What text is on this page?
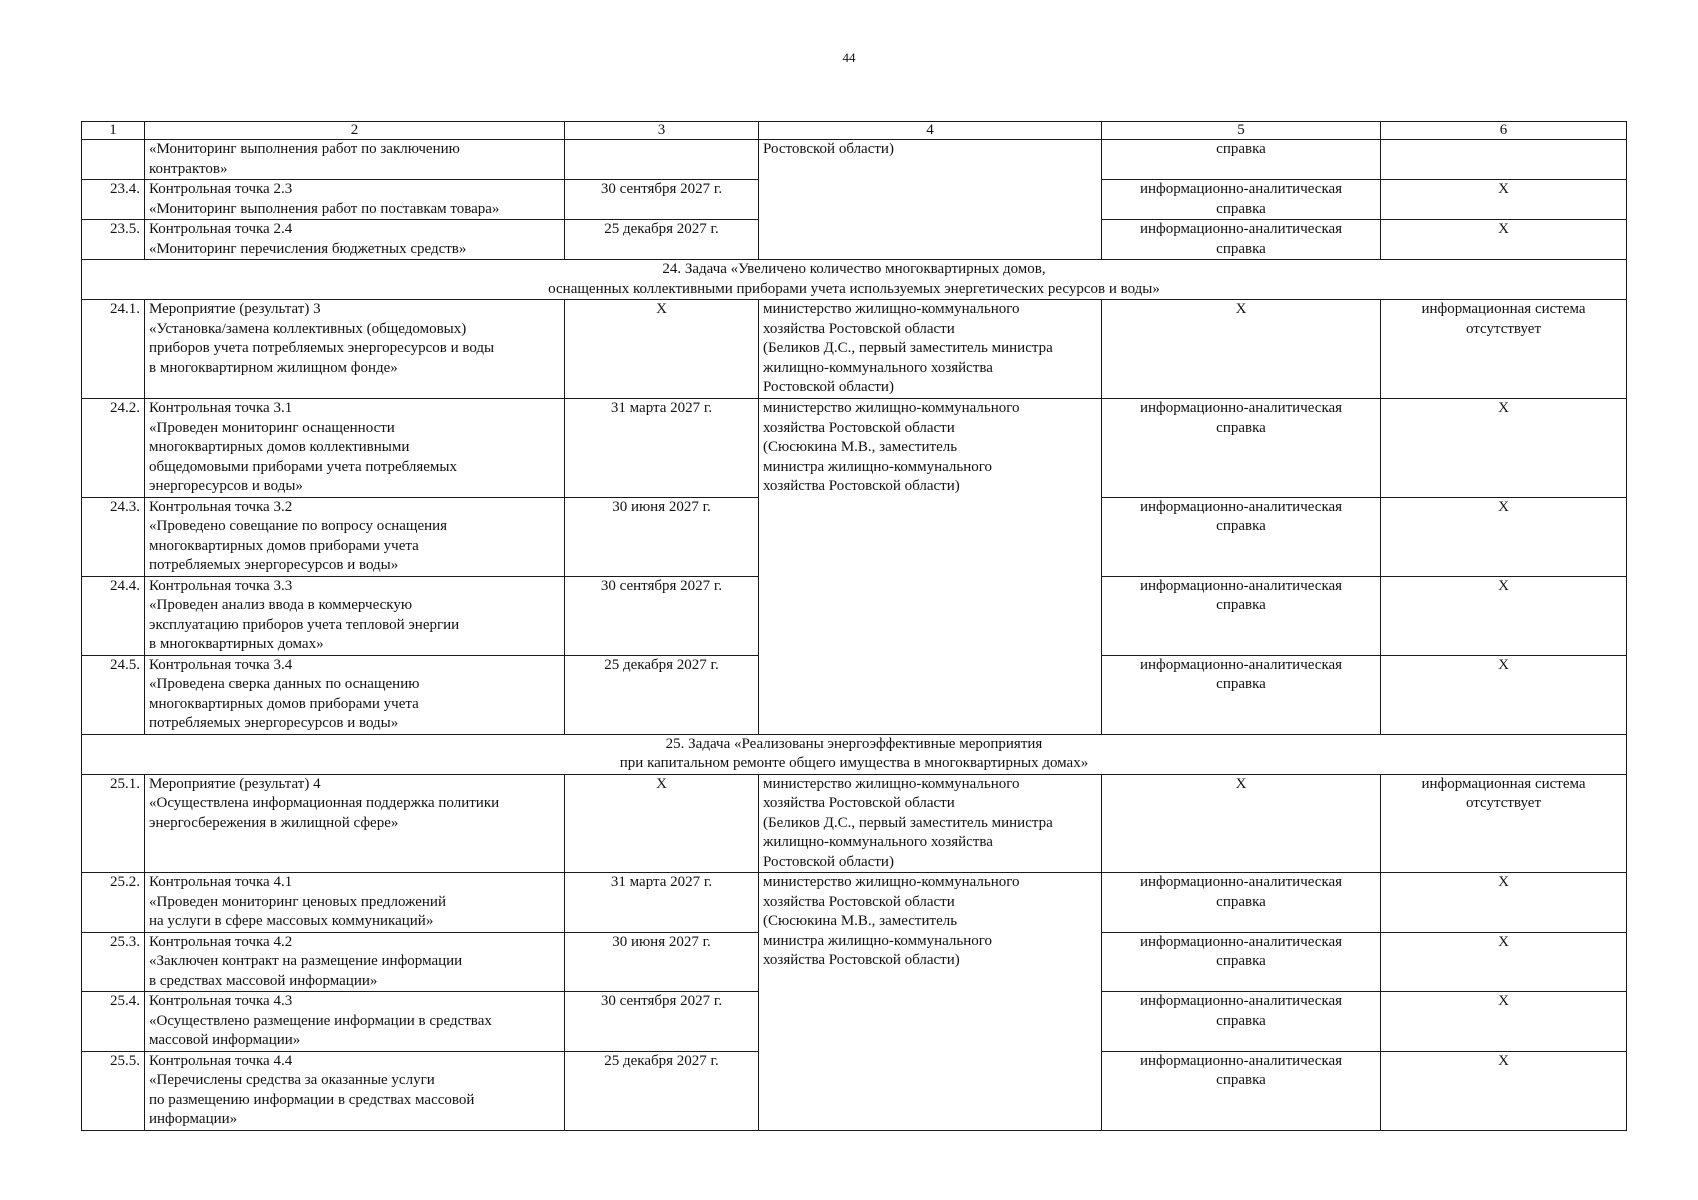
44
1	2	3	4	5	6
	«Мониторинг выполнения работ по заключению
контрактов»		Ростовской области)	справка	
23.4.	Контрольная точка 2.3
«Мониторинг выполнения работ по поставкам товара»	30 сентября 2027 г.		информационно-аналитическая
справка	Х
23.5.	Контрольная точка 2.4
«Мониторинг перечисления бюджетных средств»	25 декабря 2027 г.		информационно-аналитическая
справка	Х
24. Задача «Увеличено количество многоквартирных домов,
оснащенных коллективными приборами учета используемых энергетических ресурсов и воды»					
24.1.	Мероприятие (результат) 3
«Установка/замена коллективных (общедомовых)
приборов учета потребляемых энергоресурсов и воды
в многоквартирном жилищном фонде»	Х	министерство жилищно-коммунального
хозяйства Ростовской области
(Беликов Д.С., первый заместитель министра
жилищно-коммунального хозяйства
Ростовской области)	Х	информационная система
отсутствует
24.2.	Контрольная точка 3.1
«Проведен мониторинг оснащенности
многоквартирных домов коллективными
общедомовыми приборами учета потребляемых
энергоресурсов и воды»	31 марта 2027 г.	министерство жилищно-коммунального
хозяйства Ростовской области
(Сюсюкина М.В., заместитель
министра жилищно-коммунального
хозяйства Ростовской области)	информационно-аналитическая
справка	Х
24.3.	Контрольная точка 3.2
«Проведено совещание по вопросу оснащения
многоквартирных домов приборами учета
потребляемых энергоресурсов и воды»	30 июня 2027 г.		информационно-аналитическая
справка	Х
24.4.	Контрольная точка 3.3
«Проведен анализ ввода в коммерческую
эксплуатацию приборов учета тепловой энергии
в многоквартирных домах»	30 сентября 2027 г.		информационно-аналитическая
справка	Х
24.5.	Контрольная точка 3.4
«Проведена сверка данных по оснащению
многоквартирных домов приборами учета
потребляемых энергоресурсов и воды»	25 декабря 2027 г.		информационно-аналитическая
справка	Х
25. Задача «Реализованы энергоэффективные мероприятия
при капитальном ремонте общего имущества в многоквартирных домах»					
25.1.	Мероприятие (результат) 4
«Осуществлена информационная поддержка политики
энергосбережения в жилищной сфере»	Х	министерство жилищно-коммунального
хозяйства Ростовской области
(Беликов Д.С., первый заместитель министра
жилищно-коммунального хозяйства
Ростовской области)	Х	информационная система
отсутствует
25.2.	Контрольная точка 4.1
«Проведен мониторинг ценовых предложений
на услуги в сфере массовых коммуникаций»	31 марта 2027 г.	министерство жилищно-коммунального
хозяйства Ростовской области
(Сюсюкина М.В., заместитель
министра жилищно-коммунального
хозяйства Ростовской области)	информационно-аналитическая
справка	Х
25.3.	Контрольная точка 4.2
«Заключен контракт на размещение информации
в средствах массовой информации»	30 июня 2027 г.		информационно-аналитическая
справка	Х
25.4.	Контрольная точка 4.3
«Осуществлено размещение информации в средствах
массовой информации»	30 сентября 2027 г.		информационно-аналитическая
справка	Х
25.5.	Контрольная точка 4.4
«Перечислены средства за оказанные услуги
по размещению информации в средствах массовой
информации»	25 декабря 2027 г.		информационно-аналитическая
справка	Х
